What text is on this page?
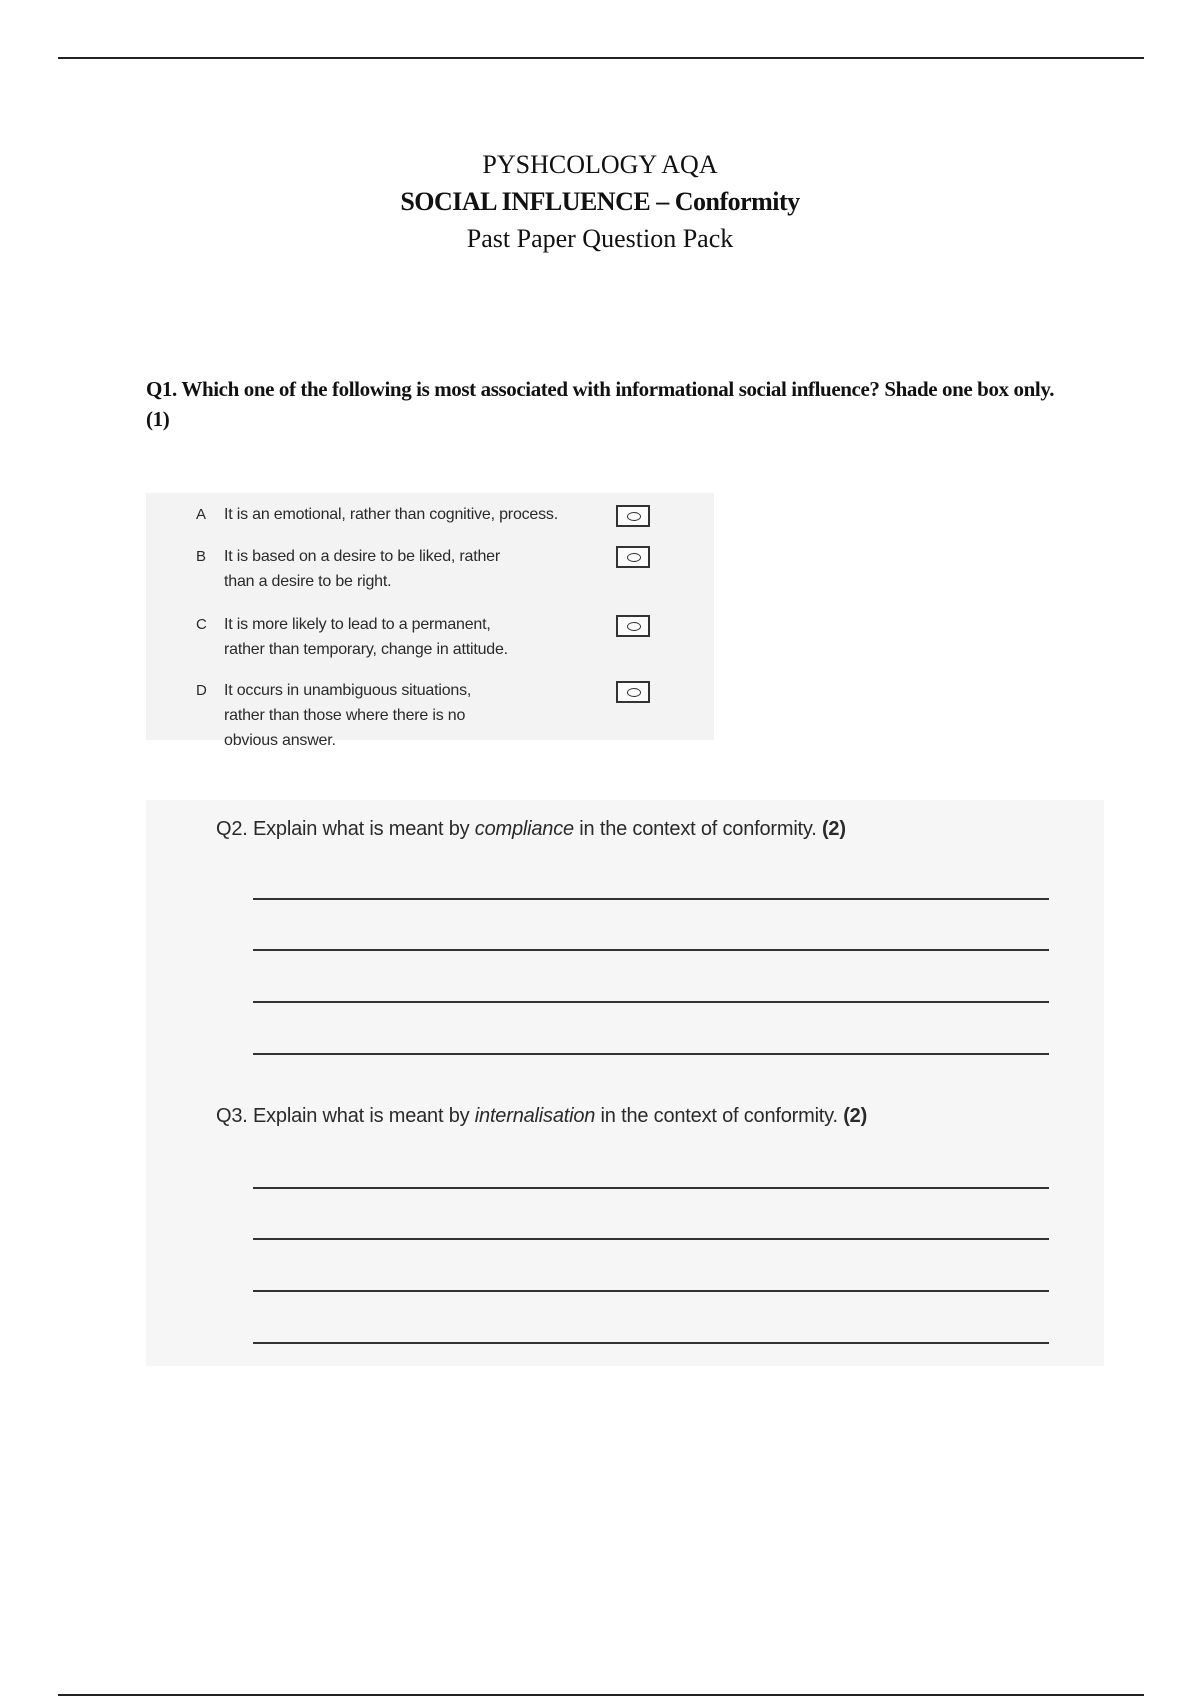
PYSHCOLOGY AQA
SOCIAL INFLUENCE – Conformity
Past Paper Question Pack
Q1. Which one of the following is most associated with informational social influence? Shade one box only. (1)
A It is an emotional, rather than cognitive, process.
B It is based on a desire to be liked, rather than a desire to be right.
C It is more likely to lead to a permanent, rather than temporary, change in attitude.
D It occurs in unambiguous situations, rather than those where there is no obvious answer.
Q2. Explain what is meant by compliance in the context of conformity. (2)
Q3. Explain what is meant by internalisation in the context of conformity. (2)
